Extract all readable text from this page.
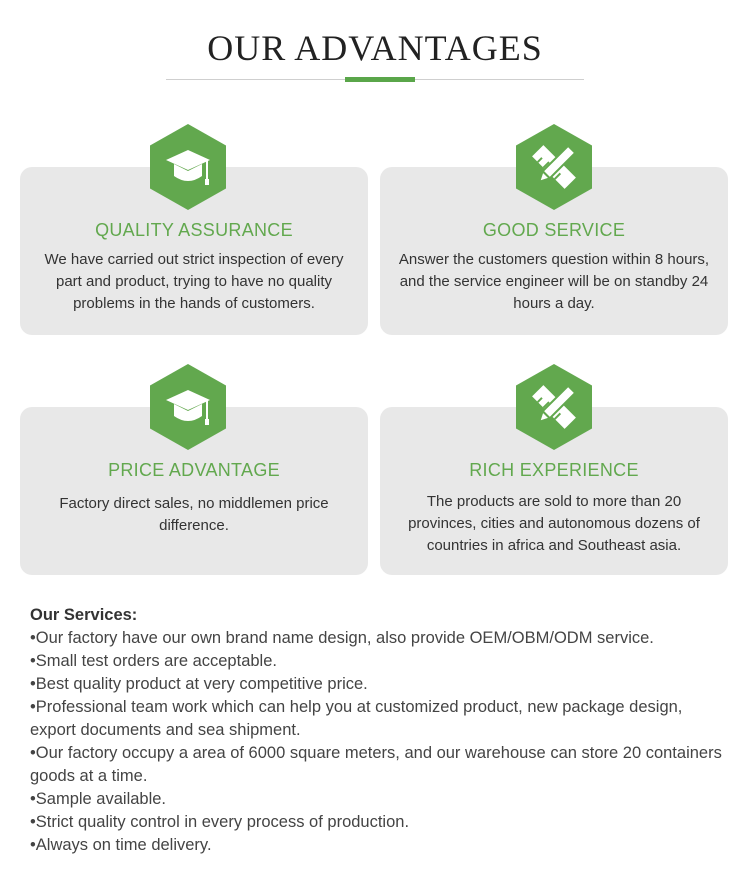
OUR ADVANTAGES
QUALITY ASSURANCE
We have carried out strict inspection of every part and product, trying to have no quality problems in the hands of customers.
GOOD SERVICE
Answer the customers question within 8 hours, and the service engineer will be on standby 24 hours a day.
PRICE ADVANTAGE
Factory direct sales, no middlemen price difference.
RICH EXPERIENCE
The products are sold to more than 20 provinces, cities and autonomous dozens of countries in africa and Southeast asia.
Our Services:
•Our factory have our own brand name design, also provide OEM/OBM/ODM service.
•Small test orders are acceptable.
•Best quality product at very competitive price.
•Professional team work which can help you at customized product, new package design, export documents and sea shipment.
•Our factory occupy a area of 6000 square meters, and our warehouse can store 20 containers goods at a time.
•Sample available.
•Strict quality control in every process of production.
•Always on time delivery.
